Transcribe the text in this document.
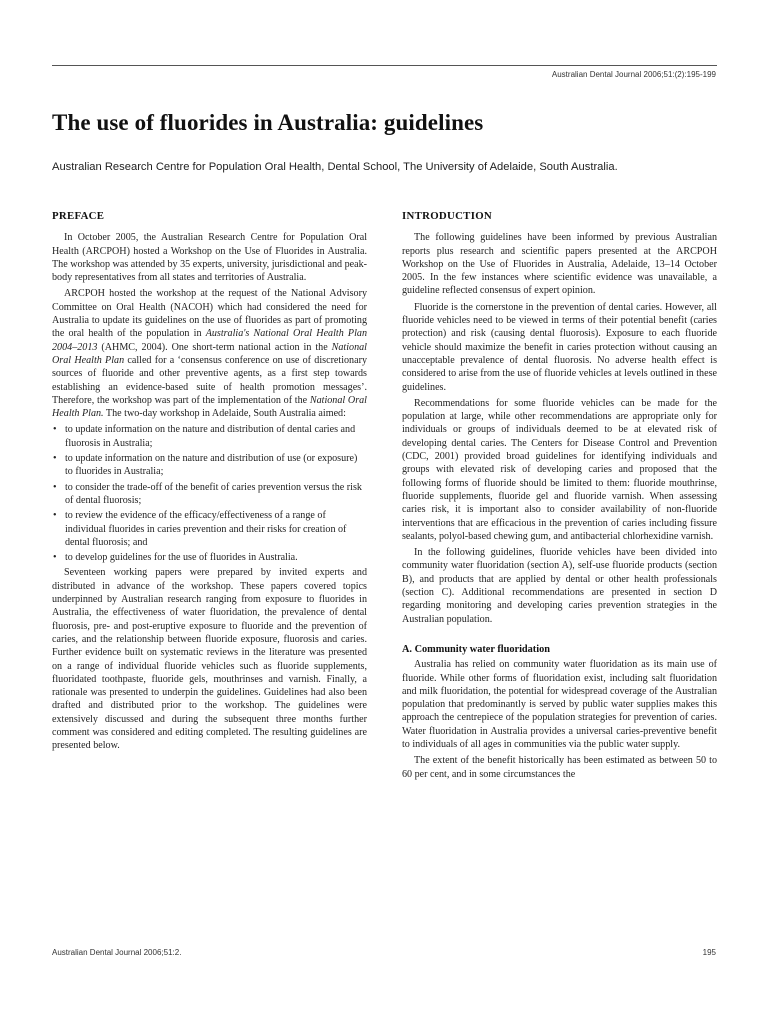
Australian Dental Journal 2006;51:(2):195-199
The use of fluorides in Australia: guidelines
Australian Research Centre for Population Oral Health, Dental School, The University of Adelaide, South Australia.
PREFACE

In October 2005, the Australian Research Centre for Population Oral Health (ARCPOH) hosted a Workshop on the Use of Fluorides in Australia. The workshop was attended by 35 experts, university, jurisdictional and peak-body representatives from all states and territories of Australia.

ARCPOH hosted the workshop at the request of the National Advisory Committee on Oral Health (NACOH) which had considered the need for Australia to update its guidelines on the use of fluorides as part of promoting the oral health of the population in Australia's National Oral Health Plan 2004–2013 (AHMC, 2004). One short-term national action in the National Oral Health Plan called for a ‘consensus conference on use of discretionary sources of fluoride and other preventive agents, as a first step towards establishing an evidence-based suite of health promotion messages’. Therefore, the workshop was part of the implementation of the National Oral Health Plan. The two-day workshop in Adelaide, South Australia aimed:

• to update information on the nature and distribution of dental caries and fluorosis in Australia;
• to update information on the nature and distribution of use (or exposure) to fluorides in Australia;
• to consider the trade-off of the benefit of caries prevention versus the risk of dental fluorosis;
• to review the evidence of the efficacy/effectiveness of a range of individual fluorides in caries prevention and their risks for creation of dental fluorosis; and
• to develop guidelines for the use of fluorides in Australia.

Seventeen working papers were prepared by invited experts and distributed in advance of the workshop. These papers covered topics underpinned by Australian research ranging from exposure to fluorides in Australia, the effectiveness of water fluoridation, the prevalence of dental fluorosis, pre- and post-eruptive exposure to fluoride and the prevention of caries, and the relationship between fluoride exposure, fluorosis and caries. Further evidence built on systematic reviews in the literature was presented on a range of individual fluoride vehicles such as fluoride supplements, fluoridated toothpaste, fluoride gels, mouthrinses and varnish. Finally, a rationale was presented to underpin the guidelines. Guidelines had also been drafted and distributed prior to the workshop. The guidelines were extensively discussed and during the subsequent three months further comment was considered and editing completed. The resulting guidelines are presented below.

INTRODUCTION

The following guidelines have been informed by previous Australian reports plus research and scientific papers presented at the ARCPOH Workshop on the Use of Fluorides in Australia, Adelaide, 13–14 October 2005. In the few instances where scientific evidence was unavailable, a guideline reflected consensus of expert opinion.

Fluoride is the cornerstone in the prevention of dental caries. However, all fluoride vehicles need to be viewed in terms of their potential benefit (caries protection) and risk (causing dental fluorosis). Exposure to each fluoride vehicle should maximize the benefit in caries protection without causing an unacceptable prevalence of dental fluorosis. No adverse health effect is considered to arise from the use of fluoride vehicles at levels outlined in these guidelines.

Recommendations for some fluoride vehicles can be made for the population at large, while other recommendations are appropriate only for individuals or groups of individuals deemed to be at elevated risk of developing dental caries. The Centers for Disease Control and Prevention (CDC, 2001) provided broad guidelines for identifying individuals and groups with elevated risk of developing caries and proposed that the following forms of fluoride should be limited to them: fluoride mouthrinse, fluoride supplements, fluoride gel and fluoride varnish. When assessing caries risk, it is important also to consider availability of non-fluoride interventions that are efficacious in the prevention of caries including fissure sealants, polyol-based chewing gum, and antibacterial chlorhexidine varnish.

In the following guidelines, fluoride vehicles have been divided into community water fluoridation (section A), self-use fluoride products (section B), and products that are applied by dental or other health professionals (section C). Additional recommendations are presented in section D regarding monitoring and developing caries prevention strategies in the Australian population.

A. Community water fluoridation

Australia has relied on community water fluoridation as its main use of fluoride. While other forms of fluoridation exist, including salt fluoridation and milk fluoridation, the potential for widespread coverage of the Australian population that predominantly is served by public water supplies makes this approach the centrepiece of the population strategies for prevention of caries. Water fluoridation in Australia provides a universal caries-preventive benefit to individuals of all ages in communities via the public water supply.

The extent of the benefit historically has been estimated as between 50 to 60 per cent, and in some circumstances the

Australian Dental Journal 2006;51:2.	195
